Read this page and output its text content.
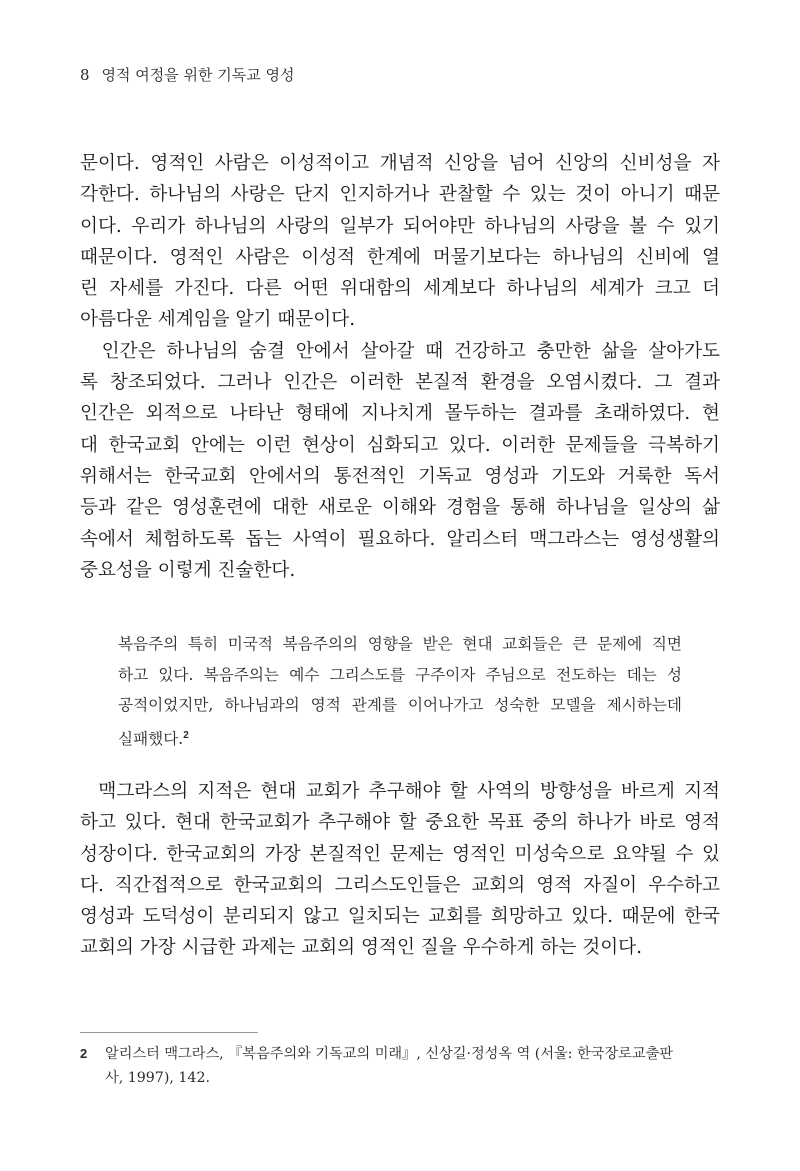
8 영적 여정을 위한 기독교 영성
문이다. 영적인 사람은 이성적이고 개념적 신앙을 넘어 신앙의 신비성을 자
각한다. 하나님의 사랑은 단지 인지하거나 관찰할 수 있는 것이 아니기 때문
이다. 우리가 하나님의 사랑의 일부가 되어야만 하나님의 사랑을 볼 수 있기
때문이다. 영적인 사람은 이성적 한계에 머물기보다는 하나님의 신비에 열
린 자세를 가진다. 다른 어떤 위대함의 세계보다 하나님의 세계가 크고 더
아름다운 세계임을 알기 때문이다.
인간은 하나님의 숨결 안에서 살아갈 때 건강하고 충만한 삶을 살아가도
록 창조되었다. 그러나 인간은 이러한 본질적 환경을 오염시켰다. 그 결과
인간은 외적으로 나타난 형태에 지나치게 몰두하는 결과를 초래하였다. 현
대 한국교회 안에는 이런 현상이 심화되고 있다. 이러한 문제들을 극복하기
위해서는 한국교회 안에서의 통전적인 기독교 영성과 기도와 거룩한 독서
등과 같은 영성훈련에 대한 새로운 이해와 경험을 통해 하나님을 일상의 삶
속에서 체험하도록 돕는 사역이 필요하다. 알리스터 맥그라스는 영성생활의
중요성을 이렇게 진술한다.
복음주의 특히 미국적 복음주의의 영향을 받은 현대 교회들은 큰 문제에 직면
하고 있다. 복음주의는 예수 그리스도를 구주이자 주님으로 전도하는 데는 성
공적이었지만, 하나님과의 영적 관계를 이어나가고 성숙한 모델을 제시하는데
실패했다.$^2$
맥그라스의 지적은 현대 교회가 추구해야 할 사역의 방향성을 바르게 지적
하고 있다. 현대 한국교회가 추구해야 할 중요한 목표 중의 하나가 바로 영적
성장이다. 한국교회의 가장 본질적인 문제는 영적인 미성숙으로 요약될 수 있
다. 직간접적으로 한국교회의 그리스도인들은 교회의 영적 자질이 우수하고
영성과 도덕성이 분리되지 않고 일치되는 교회를 희망하고 있다. 때문에 한국
교회의 가장 시급한 과제는 교회의 영적인 질을 우수하게 하는 것이다.
2	알리스터 맥그라스, 『복음주의와 기독교의 미래』, 신상길·정성옥 역 (서울: 한국장로교출판
사, 1997), 142.
